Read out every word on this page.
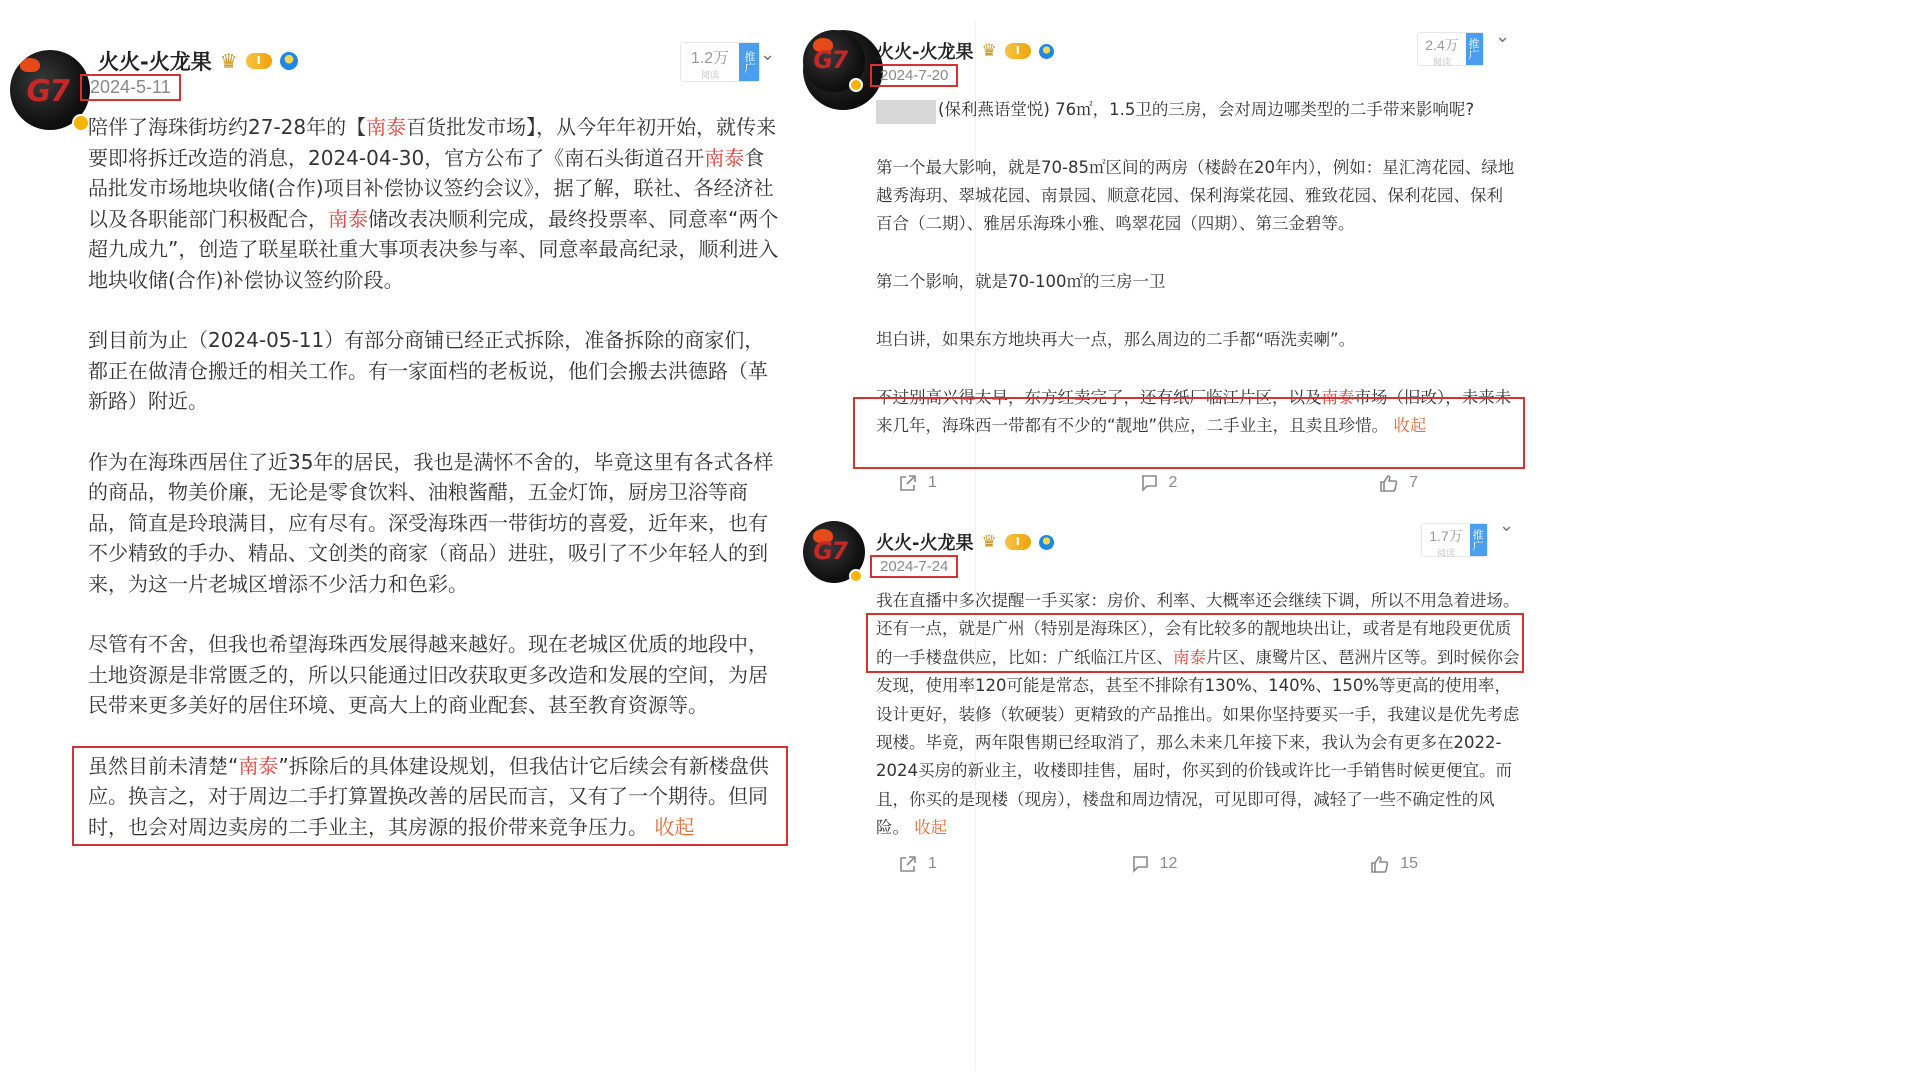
G7
火火-火龙果 ♛	Ⅰ
2024-5-11
1.2万
阅读
推广 ⌄

陪伴了海珠街坊约27-28年的【南泰百货批发市场】，从今年年初开始，就传来要即将拆迁改造的消息，2024-04-30，官方公布了《南石头街道召开南泰食品批发市场地块收储(合作)项目补偿协议签约会议》，据了解，联社、各经济社以及各职能部门积极配合，南泰储改表决顺利完成，最终投票率、同意率“两个超九成九”，创造了联星联社重大事项表决参与率、同意率最高纪录，顺利进入地块收储(合作)补偿协议签约阶段。

到目前为止（2024-05-11）有部分商铺已经正式拆除，准备拆除的商家们，都正在做清仓搬迁的相关工作。有一家面档的老板说，他们会搬去洪德路（革新路）附近。

作为在海珠西居住了近35年的居民，我也是满怀不舍的，毕竟这里有各式各样的商品，物美价廉，无论是零食饮料、油粮酱醋，五金灯饰，厨房卫浴等商品，简直是玲琅满目，应有尽有。深受海珠西一带街坊的喜爱，近年来，也有不少精致的手办、精品、文创类的商家（商品）进驻，吸引了不少年轻人的到来，为这一片老城区增添不少活力和色彩。

尽管有不舍，但我也希望海珠西发展得越来越好。现在老城区优质的地段中，土地资源是非常匮乏的，所以只能通过旧改获取更多改造和发展的空间，为居民带来更多美好的居住环境、更高大上的商业配套、甚至教育资源等。

虽然目前未清楚“南泰”拆除后的具体建设规划，但我估计它后续会有新楼盘供应。换言之，对于周边二手打算置换改善的居民而言，又有了一个期待。但同时，也会对周边卖房的二手业主，其房源的报价带来竞争压力。 收起

G7 火火-火龙果 ♛	Ⅰ
2024-7-20
2.4万
阅读
推广
⌄

(保利燕语堂悦) 76㎡，1.5卫的三房，会对周边哪类型的二手带来影响呢?

第一个最大影响，就是70-85㎡区间的两房（楼龄在20年内），例如：星汇湾花园、绿地越秀海玥、翠城花园、南景园、顺意花园、保利海棠花园、雅致花园、保利花园、保利百合（二期）、雅居乐海珠小雅、鸣翠花园（四期）、第三金碧等。

第二个影响，就是70-100㎡的三房一卫

坦白讲，如果东方地块再大一点，那么周边的二手都“唔洗卖喇”。

不过别高兴得太早，东方红卖完了，还有纸厂临江片区，以及南泰市场（旧改），未来未来几年，海珠西一带都有不少的“靓地”供应，二手业主，且卖且珍惜。 收起

1	2	7
G7 火火-火龙果 ♛	Ⅰ
2024-7-24
1.7万
阅读
推广
⌄

我在直播中多次提醒一手买家：房价、利率、大概率还会继续下调，所以不用急着进场。还有一点，就是广州（特别是海珠区），会有比较多的靓地块出让，或者是有地段更优质的一手楼盘供应，比如：广纸临江片区、南泰片区、康鹭片区、琶洲片区等。到时候你会发现，使用率120可能是常态，甚至不排除有130%、140%、150%等更高的使用率，设计更好，装修（软硬装）更精致的产品推出。如果你坚持要买一手，我建议是优先考虑现楼。毕竟，两年限售期已经取消了，那么未来几年接下来，我认为会有更多在2022-2024买房的新业主，收楼即挂售，届时，你买到的价钱或许比一手销售时候更便宜。而且，你买的是现楼（现房），楼盘和周边情况，可见即可得，减轻了一些不确定性的风险。 收起

1	12	15
